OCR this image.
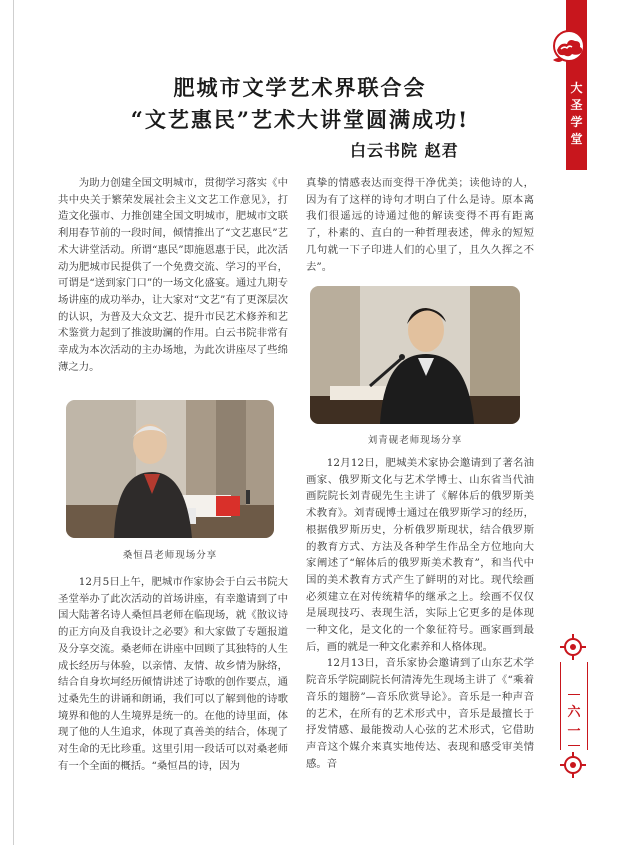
大
圣
学
堂
六一
肥城市文学艺术界联合会
“文艺惠民”艺术大讲堂圆满成功!
白云书院 赵君

为助力创建全国文明城市，贯彻学习落实《中共中央关于繁荣发展社会主义文艺工作意见》，打造文化强市、力推创建全国文明城市，肥城市文联利用春节前的一段时间，倾情推出了“文艺惠民”艺术大讲堂活动。所谓“惠民”即施恩惠于民，此次活动为肥城市民提供了一个免费交流、学习的平台，可谓是“送到家门口”的一场文化盛宴。通过九期专场讲座的成功举办，让大家对“文艺”有了更深层次的认识，为普及大众文艺、提升市民艺术修养和艺术鉴赏力起到了推波助澜的作用。白云书院非常有幸成为本次活动的主办场地，为此次讲座尽了些绵薄之力。

桑恒昌老师现场分享

12月5日上午，肥城市作家协会于白云书院大圣堂举办了此次活动的首场讲座，有幸邀请到了中国大陆著名诗人桑恒昌老师在临现场，就《散议诗的正方向及自我设计之必要》和大家做了专题报道及分享交流。桑老师在讲座中回顾了其独特的人生成长经历与体验，以亲情、友情、故乡情为脉络，结合自身坎坷经历倾情讲述了诗歌的创作要点，通过桑先生的讲诵和朗诵，我们可以了解到他的诗歌境界和他的人生境界是统一的。在他的诗里面，体现了他的人生追求，体现了真善美的结合，体现了对生命的无比珍重。这里引用一段话可以对桑老师有一个全面的概括。“桑恒昌的诗，因为

真挚的情感表达而变得干净优美；读他诗的人，因为有了这样的诗句才明白了什么是诗。原本离我们很遥远的诗通过他的解读变得不再有距离了，朴素的、直白的一种哲理表述，俾永的短短几句就一下子印进人们的心里了，且久久挥之不去”。

刘青砚老师现场分享

12月12日，肥城美术家协会邀请到了著名油画家、俄罗斯文化与艺术学博士、山东省当代油画院院长刘青砚先生主讲了《解体后的俄罗斯美术教育》。刘青砚博士通过在俄罗斯学习的经历，根据俄罗斯历史，分析俄罗斯现状，结合俄罗斯的教育方式、方法及各种学生作品全方位地向大家阐述了“解体后的俄罗斯美术教育”，和当代中国的美术教育方式产生了鲜明的对比。现代绘画必须建立在对传统精华的继承之上。绘画不仅仅是展现技巧、表现生活，实际上它更多的是体现一种文化，是文化的一个象征符号。画家画到最后，画的就是一种文化素养和人格体现。

12月13日，音乐家协会邀请到了山东艺术学院音乐学院副院长何清涛先生现场主讲了《“乘着音乐的翅膀”—音乐欣赏导论》。音乐是一种声音的艺术，在所有的艺术形式中，音乐是最擅长于抒发情感、最能拨动人心弦的艺术形式，它借助声音这个媒介来真实地传达、表现和感受审美情感。音
